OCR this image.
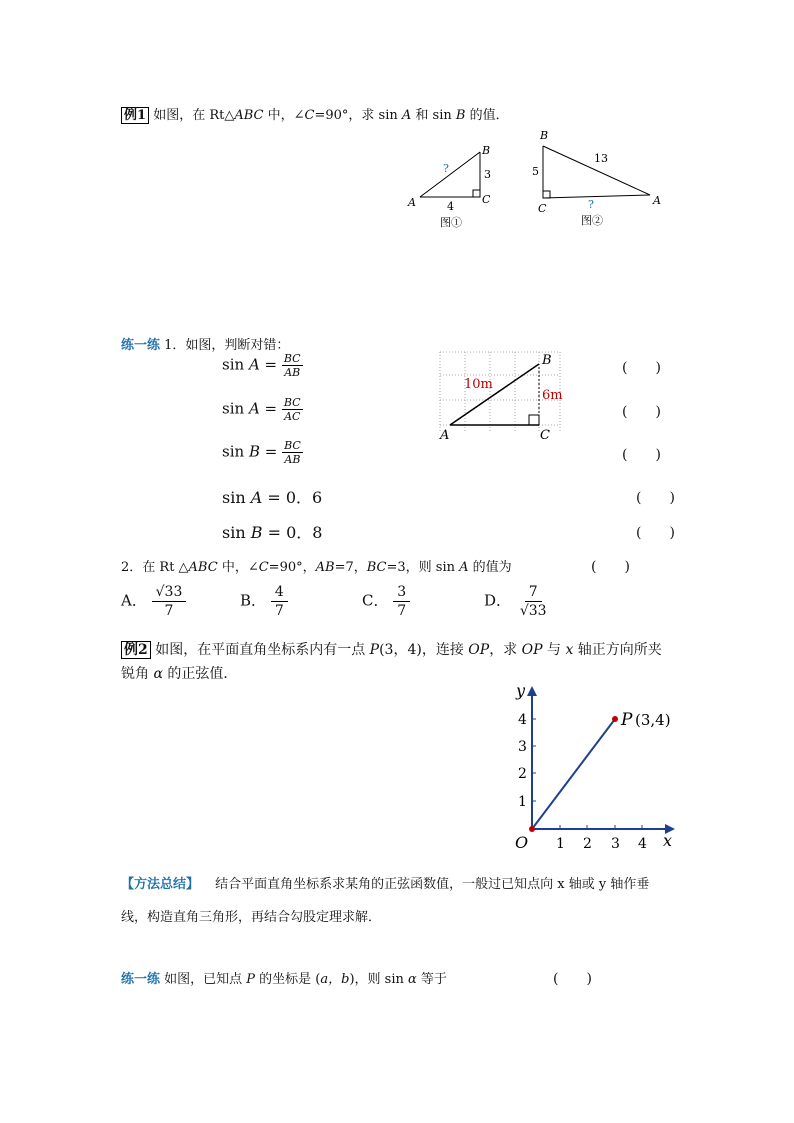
例1 如图，在 Rt△ABC 中，∠C=90°，求 sin A 和 sin B 的值．
A
B
C
?	3
4
图①
B
C
A
5
13
?
图②
练一练 1．如图，判断对错：
$\sin A = \frac{BC}{AB}$	(　　)
$\sin A = \frac{BC}{AC}$	(　　)
$\sin B = \frac{BC}{AB}$	(　　)
sin A = 0．6	(　　)
sin B = 0．8	(　　)
A
B
C
10m
6m
2．在 Rt △ABC 中，∠C=90°，AB=7，BC=3，则 sin A 的值为	(　　)
A． $\frac{√33}{7}$	B． $\frac{4}{7}$	C． $\frac{3}{7}$	D． $\frac{7}{√33}$
例2 如图，在平面直角坐标系内有一点 P(3，4)，连接 OP，求 OP 与 x 轴正方向所夹
锐角 α 的正弦值．
y
x
O
P (3,4)
1
2
3
4
1 2 3 4
【方法总结】 结合平面直角坐标系求某角的正弦函数值，一般过已知点向 x 轴或 y 轴作垂
线，构造直角三角形，再结合勾股定理求解．
练一练 如图，已知点 P 的坐标是 (a，b)，则 sin α 等于	(　　)
